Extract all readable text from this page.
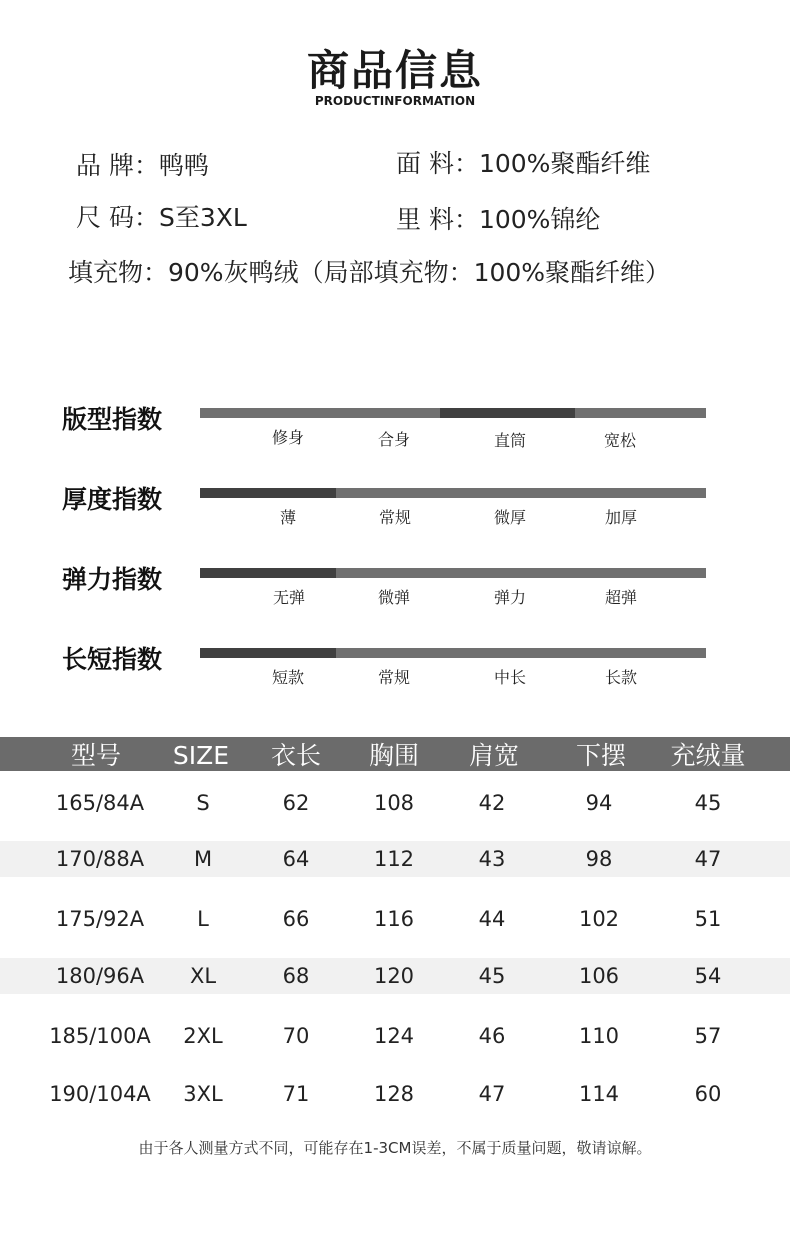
商品信息
PRODUCTINFORMATION
品 牌：鸭鸭	面 料：100%聚酯纤维
尺 码：S至3XL	里 料：100%锦纶
填充物：90%灰鸭绒（局部填充物：100%聚酯纤维）
版型指数
修身	合身	直筒	宽松
厚度指数
薄	常规	微厚	加厚
弹力指数
无弹	微弹	弹力	超弹
长短指数
短款	常规	中长	长款
型号	SIZE	衣长	胸围	肩宽	下摆	充绒量
165/84A	S	62	108	42	94	45
170/88A	M	64	112	43	98	47
175/92A	L	66	116	44	102	51
180/96A	XL	68	120	45	106	54
185/100A	2XL	70	124	46	110	57
190/104A	3XL	71	128	47	114	60
由于各人测量方式不同，可能存在1-3CM误差，不属于质量问题，敬请谅解。
